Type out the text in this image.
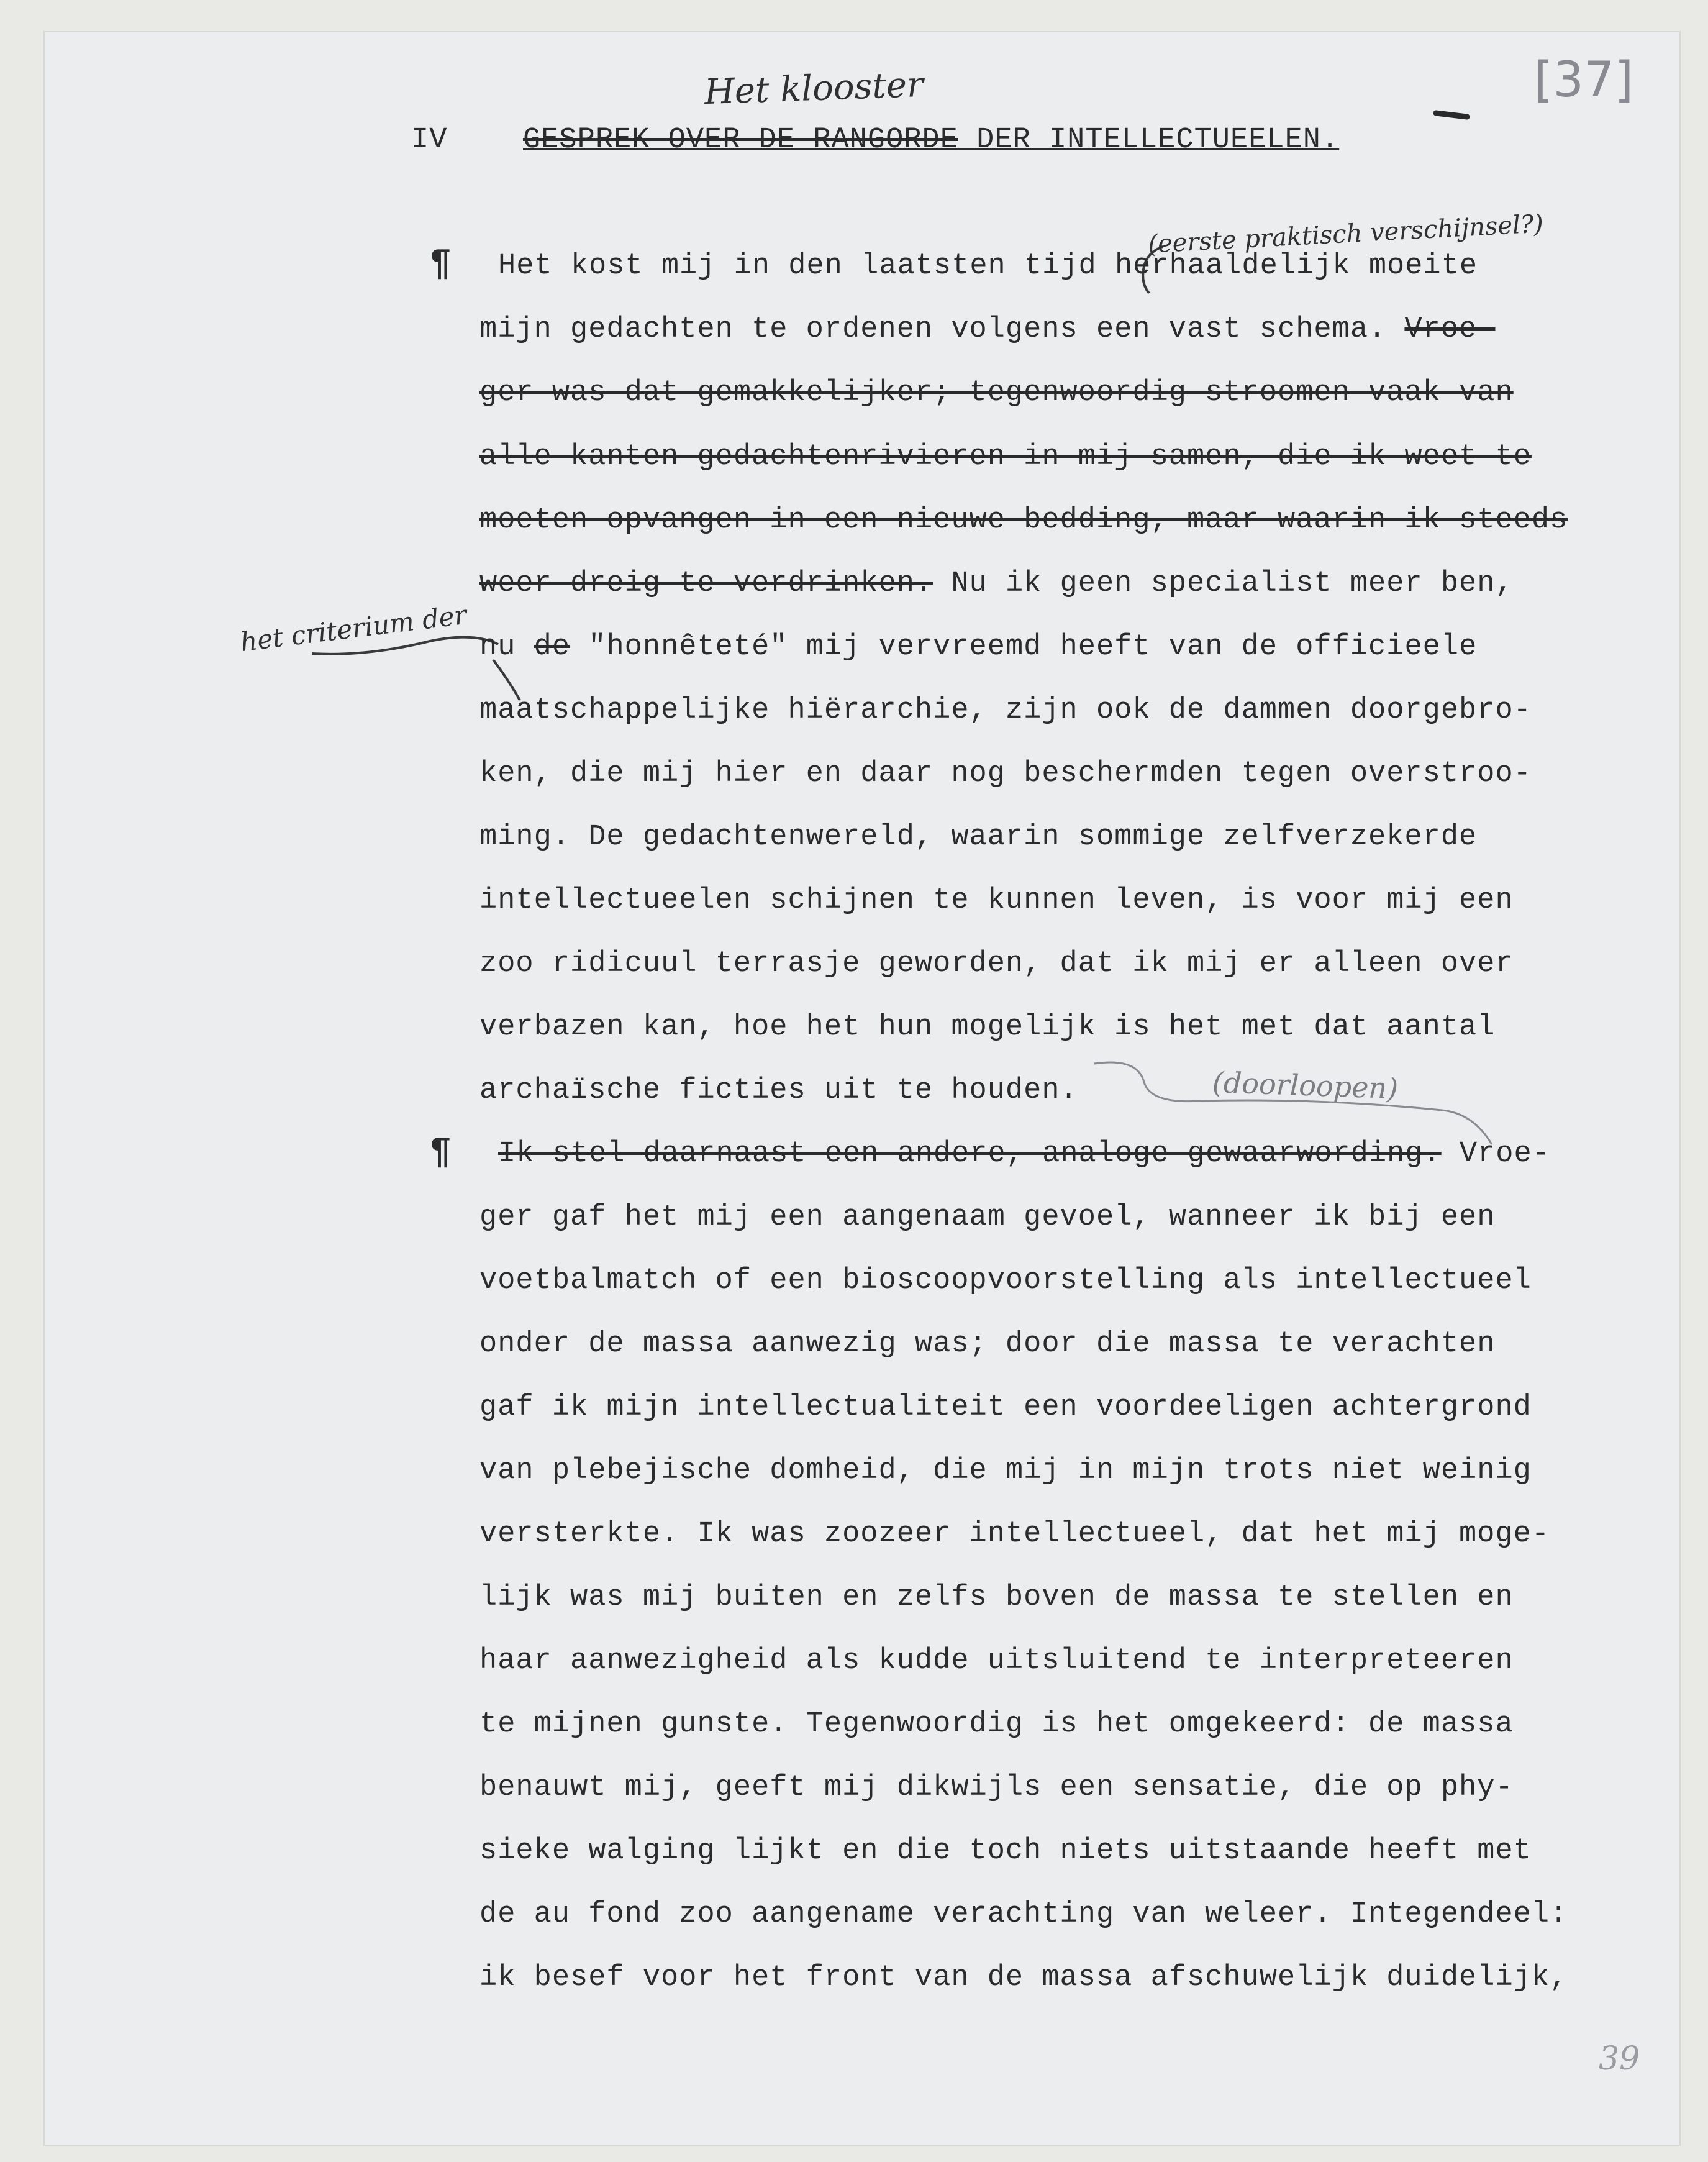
[37]
39
Het klooster
IV	GESPREK OVER DE RANGORDE DER INTELLECTUEELEN.
(eerste praktisch verschijnsel?)
het criterium der
(doorloopen)
¶
¶
Het kost mij in den laatsten tijd herhaaldelijk moeite
mijn gedachten te ordenen volgens een vast schema. Vroe-
ger was dat gemakkelijker; tegenwoordig stroomen vaak van
alle kanten gedachtenrivieren in mij samen, die ik weet te
moeten opvangen in een nieuwe bedding, maar waarin ik steeds
weer dreig te verdrinken. Nu ik geen specialist meer ben,
nu de "honnêteté" mij vervreemd heeft van de officieele
maatschappelijke hiërarchie, zijn ook de dammen doorgebro-
ken, die mij hier en daar nog beschermden tegen overstroo-
ming. De gedachtenwereld, waarin sommige zelfverzekerde
intellectueelen schijnen te kunnen leven, is voor mij een
zoo ridicuul terrasje geworden, dat ik mij er alleen over
verbazen kan, hoe het hun mogelijk is het met dat aantal
archaïsche ficties uit te houden.
Ik stel daarnaast een andere, analoge gewaarwording. Vroe-
ger gaf het mij een aangenaam gevoel, wanneer ik bij een
voetbalmatch of een bioscoopvoorstelling als intellectueel
onder de massa aanwezig was; door die massa te verachten
gaf ik mijn intellectualiteit een voordeeligen achtergrond
van plebejische domheid, die mij in mijn trots niet weinig
versterkte. Ik was zoozeer intellectueel, dat het mij moge-
lijk was mij buiten en zelfs boven de massa te stellen en
haar aanwezigheid als kudde uitsluitend te interpreteeren
te mijnen gunste. Tegenwoordig is het omgekeerd: de massa
benauwt mij, geeft mij dikwijls een sensatie, die op phy-
sieke walging lijkt en die toch niets uitstaande heeft met
de au fond zoo aangename verachting van weleer. Integendeel:
ik besef voor het front van de massa afschuwelijk duidelijk,
